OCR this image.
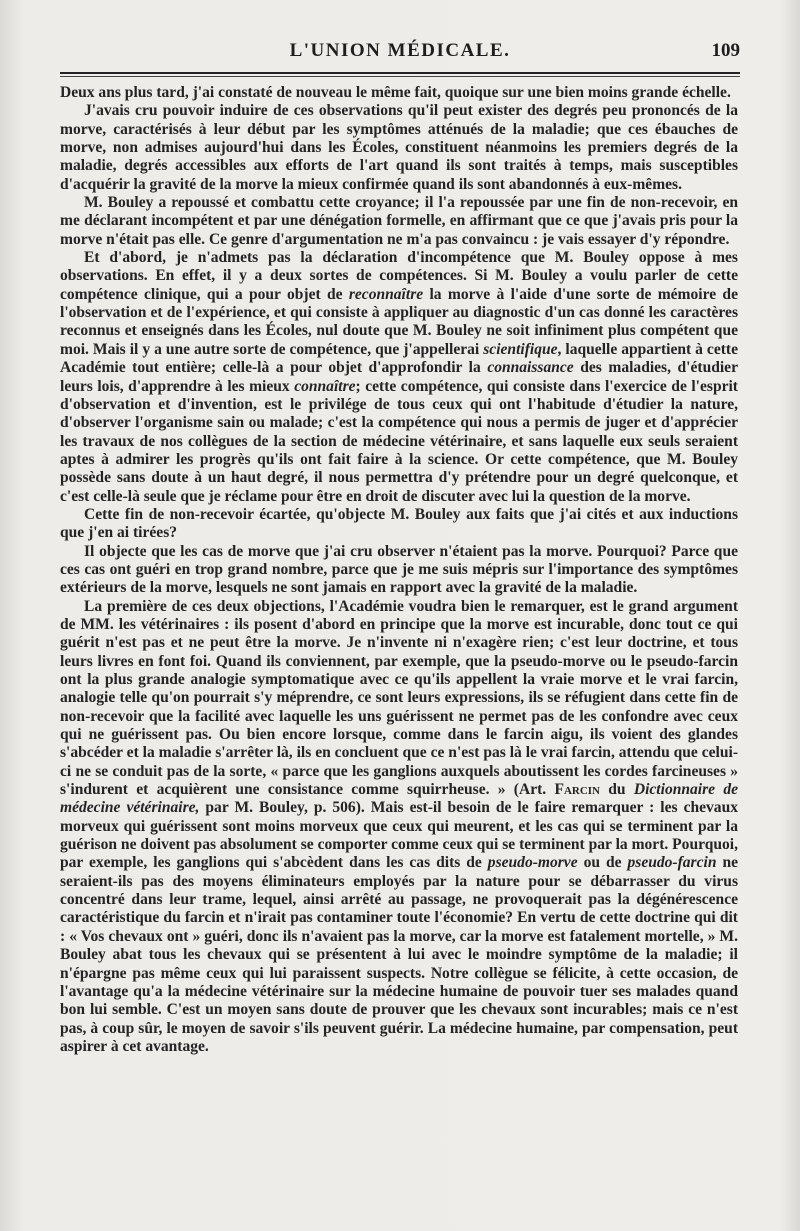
L'UNION MÉDICALE.	109

Deux ans plus tard, j'ai constaté de nouveau le même fait, quoique sur une bien moins grande échelle.

J'avais cru pouvoir induire de ces observations qu'il peut exister des degrés peu prononcés de la morve, caractérisés à leur début par les symptômes atténués de la maladie; que ces ébauches de morve, non admises aujourd'hui dans les Écoles, constituent néanmoins les premiers degrés de la maladie, degrés accessibles aux efforts de l'art quand ils sont traités à temps, mais susceptibles d'acquérir la gravité de la morve la mieux confirmée quand ils sont abandonnés à eux-mêmes.

M. Bouley a repoussé et combattu cette croyance; il l'a repoussée par une fin de non-recevoir, en me déclarant incompétent et par une dénégation formelle, en affirmant que ce que j'avais pris pour la morve n'était pas elle. Ce genre d'argumentation ne m'a pas convaincu : je vais essayer d'y répondre.

Et d'abord, je n'admets pas la déclaration d'incompétence que M. Bouley oppose à mes observations. En effet, il y a deux sortes de compétences. Si M. Bouley a voulu parler de cette compétence clinique, qui a pour objet de reconnaître la morve à l'aide d'une sorte de mémoire de l'observation et de l'expérience, et qui consiste à appliquer au diagnostic d'un cas donné les caractères reconnus et enseignés dans les Écoles, nul doute que M. Bouley ne soit infiniment plus compétent que moi. Mais il y a une autre sorte de compétence, que j'appellerai scientifique, laquelle appartient à cette Académie tout entière; celle-là a pour objet d'approfondir la connaissance des maladies, d'étudier leurs lois, d'apprendre à les mieux connaître; cette compétence, qui consiste dans l'exercice de l'esprit d'observation et d'invention, est le privilége de tous ceux qui ont l'habitude d'étudier la nature, d'observer l'organisme sain ou malade; c'est la compétence qui nous a permis de juger et d'apprécier les travaux de nos collègues de la section de médecine vétérinaire, et sans laquelle eux seuls seraient aptes à admirer les progrès qu'ils ont fait faire à la science. Or cette compétence, que M. Bouley possède sans doute à un haut degré, il nous permettra d'y prétendre pour un degré quelconque, et c'est celle-là seule que je réclame pour être en droit de discuter avec lui la question de la morve.

Cette fin de non-recevoir écartée, qu'objecte M. Bouley aux faits que j'ai cités et aux inductions que j'en ai tirées?

Il objecte que les cas de morve que j'ai cru observer n'étaient pas la morve. Pourquoi? Parce que ces cas ont guéri en trop grand nombre, parce que je me suis mépris sur l'importance des symptômes extérieurs de la morve, lesquels ne sont jamais en rapport avec la gravité de la maladie.

La première de ces deux objections, l'Académie voudra bien le remarquer, est le grand argument de MM. les vétérinaires : ils posent d'abord en principe que la morve est incurable, donc tout ce qui guérit n'est pas et ne peut être la morve. Je n'invente ni n'exagère rien; c'est leur doctrine, et tous leurs livres en font foi. Quand ils conviennent, par exemple, que la pseudo-morve ou le pseudo-farcin ont la plus grande analogie symptomatique avec ce qu'ils appellent la vraie morve et le vrai farcin, analogie telle qu'on pourrait s'y méprendre, ce sont leurs expressions, ils se réfugient dans cette fin de non-recevoir que la facilité avec laquelle les uns guérissent ne permet pas de les confondre avec ceux qui ne guérissent pas. Ou bien encore lorsque, comme dans le farcin aigu, ils voient des glandes s'abcéder et la maladie s'arrêter là, ils en concluent que ce n'est pas là le vrai farcin, attendu que celui-ci ne se conduit pas de la sorte, « parce que les ganglions auxquels aboutissent les cordes farcineuses » s'indurent et acquièrent une consistance comme squirrheuse. » (Art. Farcin du Dictionnaire de médecine vétérinaire, par M. Bouley, p. 506). Mais est-il besoin de le faire remarquer : les chevaux morveux qui guérissent sont moins morveux que ceux qui meurent, et les cas qui se terminent par la guérison ne doivent pas absolument se comporter comme ceux qui se terminent par la mort. Pourquoi, par exemple, les ganglions qui s'abcèdent dans les cas dits de pseudo-morve ou de pseudo-farcin ne seraient-ils pas des moyens éliminateurs employés par la nature pour se débarrasser du virus concentré dans leur trame, lequel, ainsi arrêté au passage, ne provoquerait pas la dégénérescence caractéristique du farcin et n'irait pas contaminer toute l'économie? En vertu de cette doctrine qui dit : « Vos chevaux ont » guéri, donc ils n'avaient pas la morve, car la morve est fatalement mortelle, » M. Bouley abat tous les chevaux qui se présentent à lui avec le moindre symptôme de la maladie; il n'épargne pas même ceux qui lui paraissent suspects. Notre collègue se félicite, à cette occasion, de l'avantage qu'a la médecine vétérinaire sur la médecine humaine de pouvoir tuer ses malades quand bon lui semble. C'est un moyen sans doute de prouver que les chevaux sont incurables; mais ce n'est pas, à coup sûr, le moyen de savoir s'ils peuvent guérir. La médecine humaine, par compensation, peut aspirer à cet avantage.
